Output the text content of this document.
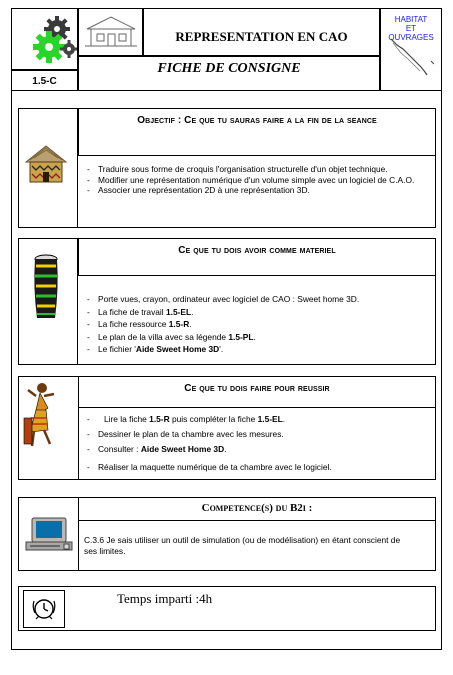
1.5-C
REPRESENTATION EN CAO
HABITAT
ET
OUVRAGES
FICHE DE CONSIGNE
Objectif : Ce que tu sauras faire a la fin de la seance
- Traduire sous forme de croquis l'organisation structurelle d'un objet technique.
- Modifier une représentation numérique d'un volume simple avec un logiciel de C.A.O.
- Associer une représentation 2D à une représentation 3D.
Ce que tu dois avoir comme materiel
- Porte vues, crayon, ordinateur avec logiciel de CAO : Sweet home 3D.
- La fiche de travail 1.5-EL.
- La fiche ressource 1.5-R.
- Le plan de la villa avec sa légende 1.5-PL.
- Le fichier 'Aide Sweet Home 3D'.
Ce que tu dois faire pour reussir
- Lire la fiche 1.5-R puis compléter la fiche 1.5-EL.
- Dessiner le plan de ta chambre avec les mesures.
- Consulter : Aide Sweet Home 3D.
- Réaliser la maquette numérique de ta chambre avec le logiciel.
Competence(s) du B2i :
C.3.6 Je sais utiliser un outil de simulation (ou de modélisation) en étant conscient de ses limites.
Temps imparti :4h
